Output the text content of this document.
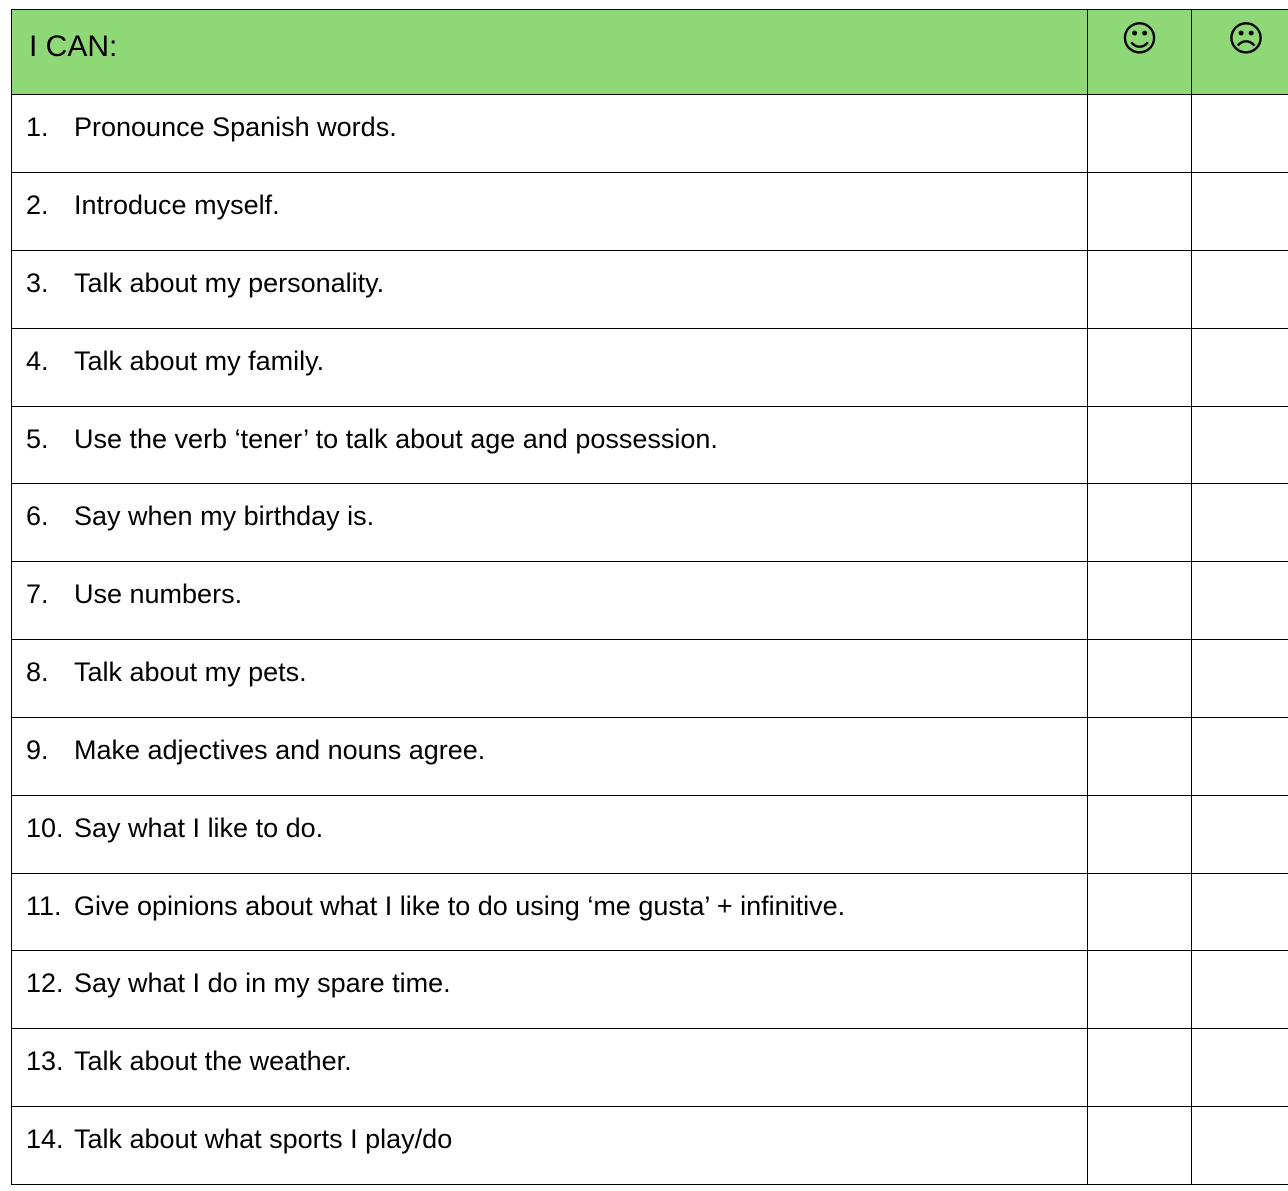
I CAN:	☺	☹

1. Pronounce Spanish words.		

2. Introduce myself.		

3. Talk about my personality.		

4. Talk about my family.		

5. Use the verb ‘tener’ to talk about age and possession.		

6. Say when my birthday is.		

7. Use numbers.		

8. Talk about my pets.		

9. Make adjectives and nouns agree.		

10. Say what I like to do.		

11. Give opinions about what I like to do using ‘me gusta’ + infinitive.		

12. Say what I do in my spare time.		

13. Talk about the weather.		

14. Talk about what sports I play/do		
